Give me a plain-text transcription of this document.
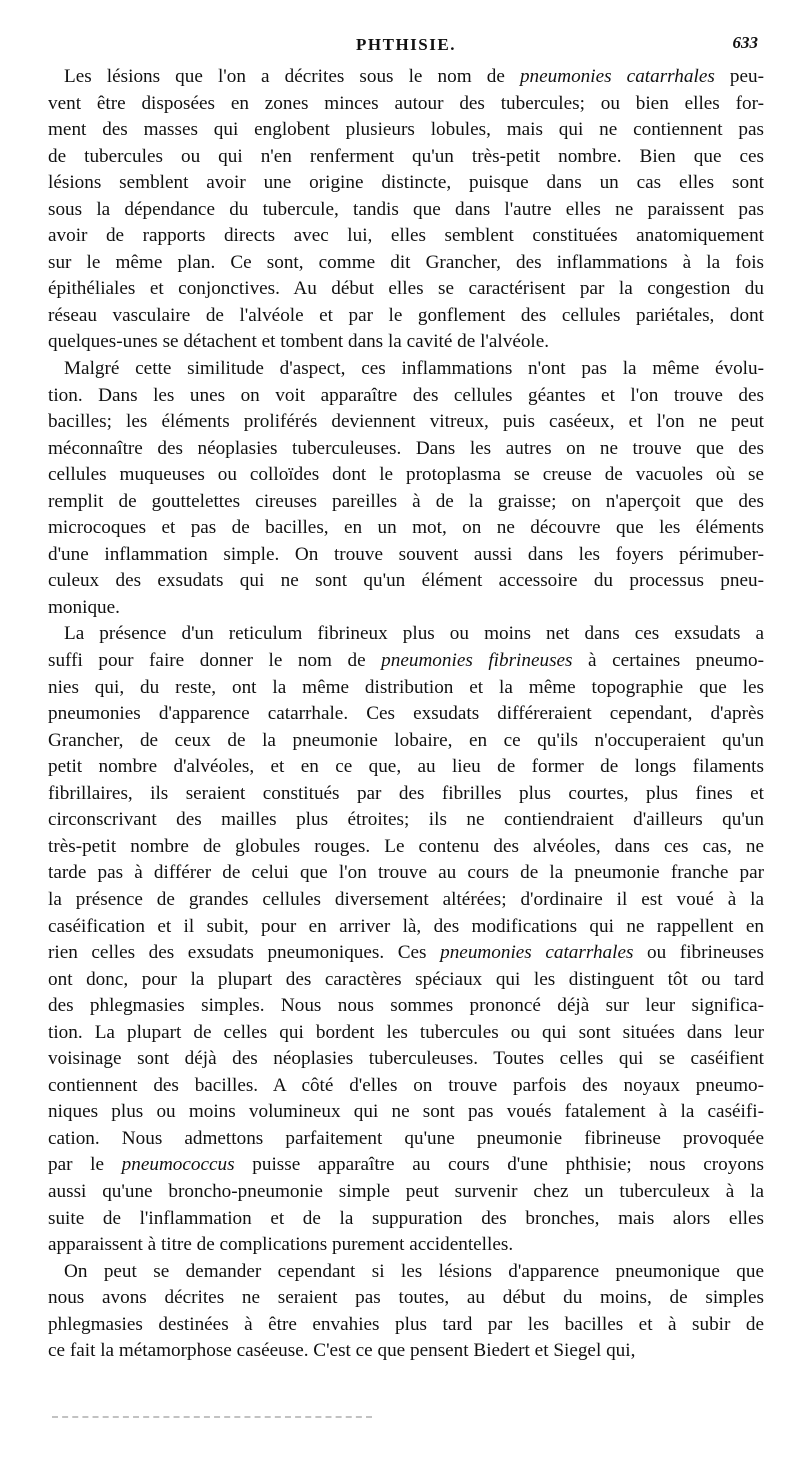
PHTHISIE.	633
Les lésions que l'on a décrites sous le nom de pneumonies catarrhales peu-
vent être disposées en zones minces autour des tubercules; ou bien elles for-
ment des masses qui englobent plusieurs lobules, mais qui ne contiennent pas
de tubercules ou qui n'en renferment qu'un très-petit nombre. Bien que ces
lésions semblent avoir une origine distincte, puisque dans un cas elles sont
sous la dépendance du tubercule, tandis que dans l'autre elles ne paraissent pas
avoir de rapports directs avec lui, elles semblent constituées anatomiquement
sur le même plan. Ce sont, comme dit Grancher, des inflammations à la fois
épithéliales et conjonctives. Au début elles se caractérisent par la congestion du
réseau vasculaire de l'alvéole et par le gonflement des cellules pariétales, dont
quelques-unes se détachent et tombent dans la cavité de l'alvéole.
Malgré cette similitude d'aspect, ces inflammations n'ont pas la même évolu-
tion. Dans les unes on voit apparaître des cellules géantes et l'on trouve des
bacilles; les éléments proliférés deviennent vitreux, puis caséeux, et l'on ne peut
méconnaître des néoplasies tuberculeuses. Dans les autres on ne trouve que des
cellules muqueuses ou colloïdes dont le protoplasma se creuse de vacuoles où se
remplit de gouttelettes cireuses pareilles à de la graisse; on n'aperçoit que des
microcoques et pas de bacilles, en un mot, on ne découvre que les éléments
d'une inflammation simple. On trouve souvent aussi dans les foyers périmuber-
culeux des exsudats qui ne sont qu'un élément accessoire du processus pneu-
monique.
La présence d'un reticulum fibrineux plus ou moins net dans ces exsudats a
suffi pour faire donner le nom de pneumonies fibrineuses à certaines pneumo-
nies qui, du reste, ont la même distribution et la même topographie que les
pneumonies d'apparence catarrhale. Ces exsudats différeraient cependant, d'après
Grancher, de ceux de la pneumonie lobaire, en ce qu'ils n'occuperaient qu'un
petit nombre d'alvéoles, et en ce que, au lieu de former de longs filaments
fibrillaires, ils seraient constitués par des fibrilles plus courtes, plus fines et
circonscrivant des mailles plus étroites; ils ne contiendraient d'ailleurs qu'un
très-petit nombre de globules rouges. Le contenu des alvéoles, dans ces cas, ne
tarde pas à différer de celui que l'on trouve au cours de la pneumonie franche par
la présence de grandes cellules diversement altérées; d'ordinaire il est voué à la
caséification et il subit, pour en arriver là, des modifications qui ne rappellent en
rien celles des exsudats pneumoniques. Ces pneumonies catarrhales ou fibrineuses
ont donc, pour la plupart des caractères spéciaux qui les distinguent tôt ou tard
des phlegmasies simples. Nous nous sommes prononcé déjà sur leur significa-
tion. La plupart de celles qui bordent les tubercules ou qui sont situées dans leur
voisinage sont déjà des néoplasies tuberculeuses. Toutes celles qui se caséifient
contiennent des bacilles. A côté d'elles on trouve parfois des noyaux pneumo-
niques plus ou moins volumineux qui ne sont pas voués fatalement à la caséifi-
cation. Nous admettons parfaitement qu'une pneumonie fibrineuse provoquée
par le pneumococcus puisse apparaître au cours d'une phthisie; nous croyons
aussi qu'une broncho-pneumonie simple peut survenir chez un tuberculeux à la
suite de l'inflammation et de la suppuration des bronches, mais alors elles
apparaissent à titre de complications purement accidentelles.
On peut se demander cependant si les lésions d'apparence pneumonique que
nous avons décrites ne seraient pas toutes, au début du moins, de simples
phlegmasies destinées à être envahies plus tard par les bacilles et à subir de
ce fait la métamorphose caséeuse. C'est ce que pensent Biedert et Siegel qui,
